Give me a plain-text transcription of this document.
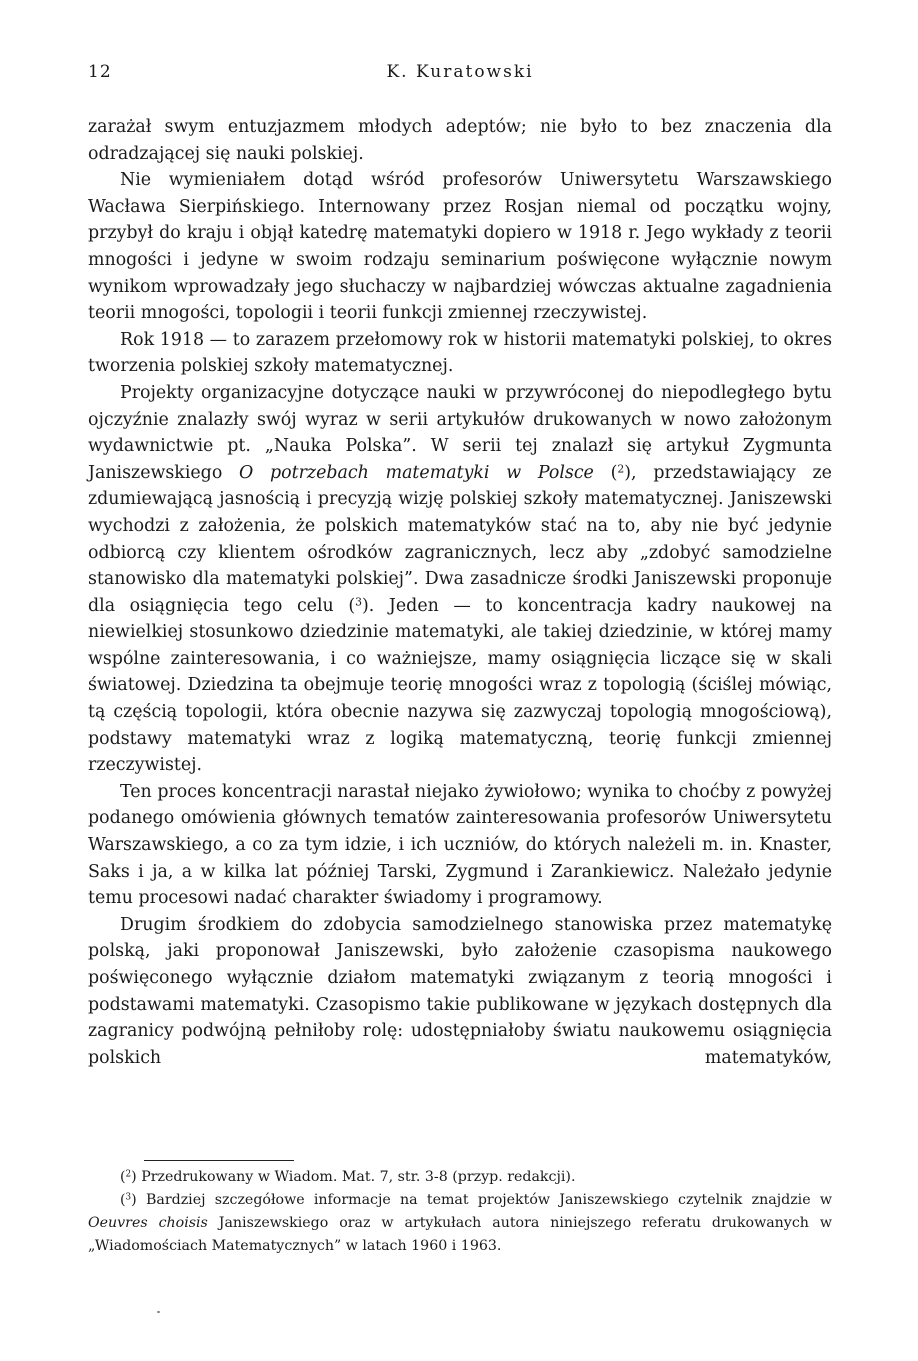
12	K. Kuratowski

zarażał swym entuzjazmem młodych adeptów; nie było to bez znaczenia dla odradzającej się nauki polskiej.

Nie wymieniałem dotąd wśród profesorów Uniwersytetu Warszawskiego Wacława Sierpińskiego. Internowany przez Rosjan niemal od początku wojny, przybył do kraju i objął katedrę matematyki dopiero w 1918 r. Jego wykłady z teorii mnogości i jedyne w swoim rodzaju seminarium poświęcone wyłącznie nowym wynikom wprowadzały jego słuchaczy w najbardziej wówczas aktualne zagadnienia teorii mnogości, topologii i teorii funkcji zmiennej rzeczywistej.

Rok 1918 — to zarazem przełomowy rok w historii matematyki polskiej, to okres tworzenia polskiej szkoły matematycznej.

Projekty organizacyjne dotyczące nauki w przywróconej do niepodległego bytu ojczyźnie znalazły swój wyraz w serii artykułów drukowanych w nowo założonym wydawnictwie pt. „Nauka Polska”. W serii tej znalazł się artykuł Zygmunta Janiszewskiego O potrzebach matematyki w Polsce ($^2$), przedstawiający ze zdumiewającą jasnością i precyzją wizję polskiej szkoły matematycznej. Janiszewski wychodzi z założenia, że polskich matematyków stać na to, aby nie być jedynie odbiorcą czy klientem ośrodków zagranicznych, lecz aby „zdobyć samodzielne stanowisko dla matematyki polskiej”. Dwa zasadnicze środki Janiszewski proponuje dla osiągnięcia tego celu ($^3$). Jeden — to koncentracja kadry naukowej na niewielkiej stosunkowo dziedzinie matematyki, ale takiej dziedzinie, w której mamy wspólne zainteresowania, i co ważniejsze, mamy osiągnięcia liczące się w skali światowej. Dziedzina ta obejmuje teorię mnogości wraz z topologią (ściślej mówiąc, tą częścią topologii, która obecnie nazywa się zazwyczaj topologią mnogościową), podstawy matematyki wraz z logiką matematyczną, teorię funkcji zmiennej rzeczywistej.

Ten proces koncentracji narastał niejako żywiołowo; wynika to choćby z powyżej podanego omówienia głównych tematów zainteresowania profesorów Uniwersytetu Warszawskiego, a co za tym idzie, i ich uczniów, do których należeli m. in. Knaster, Saks i ja, a w kilka lat później Tarski, Zygmund i Zarankiewicz. Należało jedynie temu procesowi nadać charakter świadomy i programowy.

Drugim środkiem do zdobycia samodzielnego stanowiska przez matematykę polską, jaki proponował Janiszewski, było założenie czasopisma naukowego poświęconego wyłącznie działom matematyki związanym z teorią mnogości i podstawami matematyki. Czasopismo takie publikowane w językach dostępnych dla zagranicy podwójną pełniłoby rolę: udostępniałoby światu naukowemu osiągnięcia polskich matematyków,

($^2$) Przedrukowany w Wiadom. Mat. 7, str. 3-8 (przyp. redakcji).

($^3$) Bardziej szczegółowe informacje na temat projektów Janiszewskiego czytelnik znajdzie w Oeuvres choisis Janiszewskiego oraz w artykułach autora niniejszego referatu drukowanych w „Wiadomościach Matematycznych” w latach 1960 i 1963.
